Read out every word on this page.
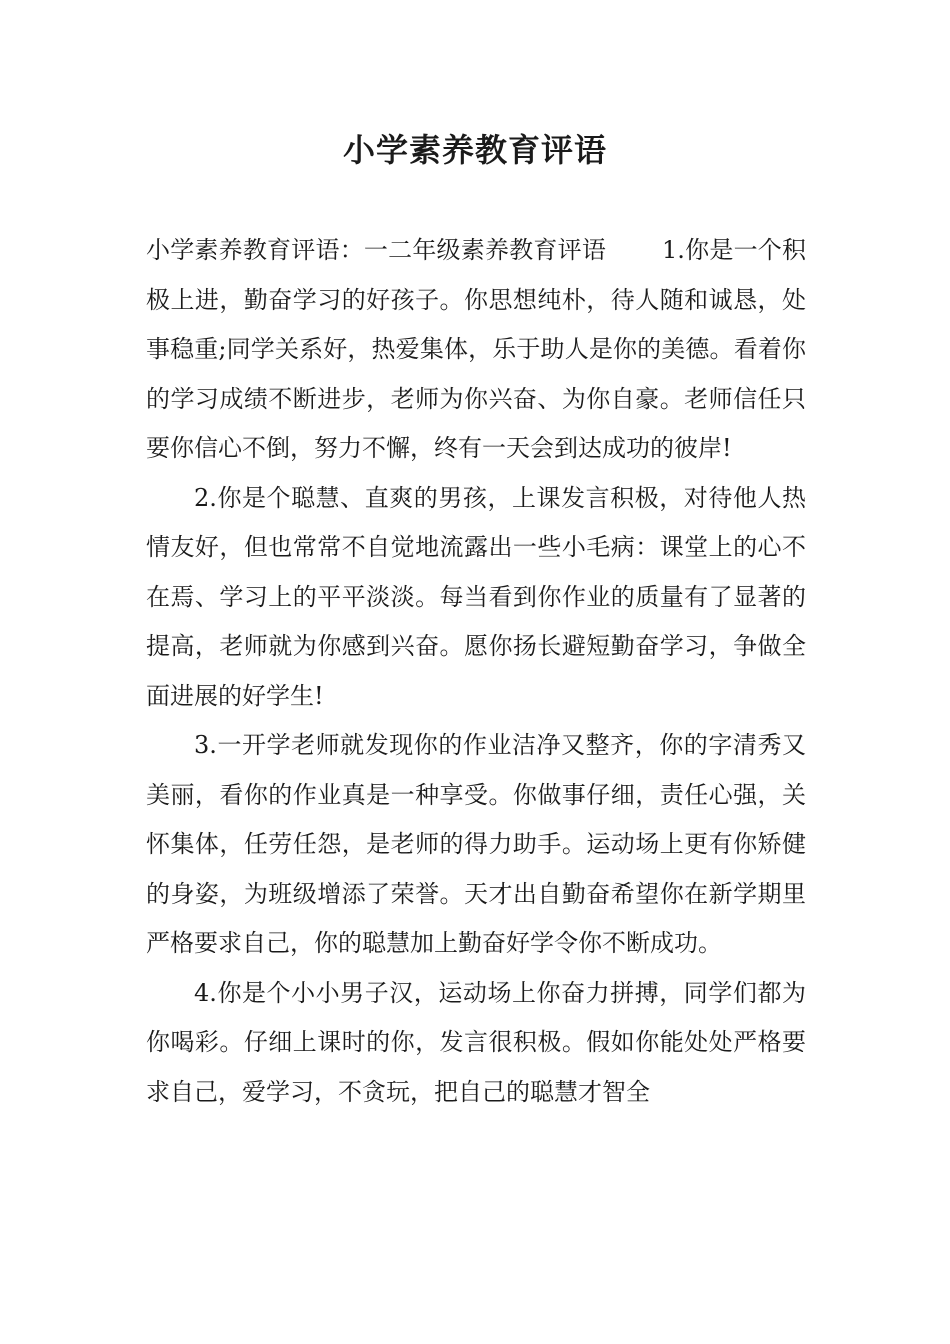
小学素养教育评语

小学素养教育评语：一二年级素养教育评语 1.你是一个积极上进，勤奋学习的好孩子。你思想纯朴，待人随和诚恳，处事稳重;同学关系好，热爱集体，乐于助人是你的美德。看着你的学习成绩不断进步，老师为你兴奋、为你自豪。老师信任只要你信心不倒，努力不懈，终有一天会到达成功的彼岸!

2.你是个聪慧、直爽的男孩，上课发言积极，对待他人热情友好，但也常常不自觉地流露出一些小毛病：课堂上的心不在焉、学习上的平平淡淡。每当看到你作业的质量有了显著的提高，老师就为你感到兴奋。愿你扬长避短勤奋学习，争做全面进展的好学生!

3.一开学老师就发现你的作业洁净又整齐，你的字清秀又美丽，看你的作业真是一种享受。你做事仔细，责任心强，关怀集体，任劳任怨，是老师的得力助手。运动场上更有你矫健的身姿，为班级增添了荣誉。天才出自勤奋希望你在新学期里严格要求自己，你的聪慧加上勤奋好学令你不断成功。

4.你是个小小男子汉，运动场上你奋力拼搏，同学们都为你喝彩。仔细上课时的你，发言很积极。假如你能处处严格要求自己，爱学习，不贪玩，把自己的聪慧才智全
